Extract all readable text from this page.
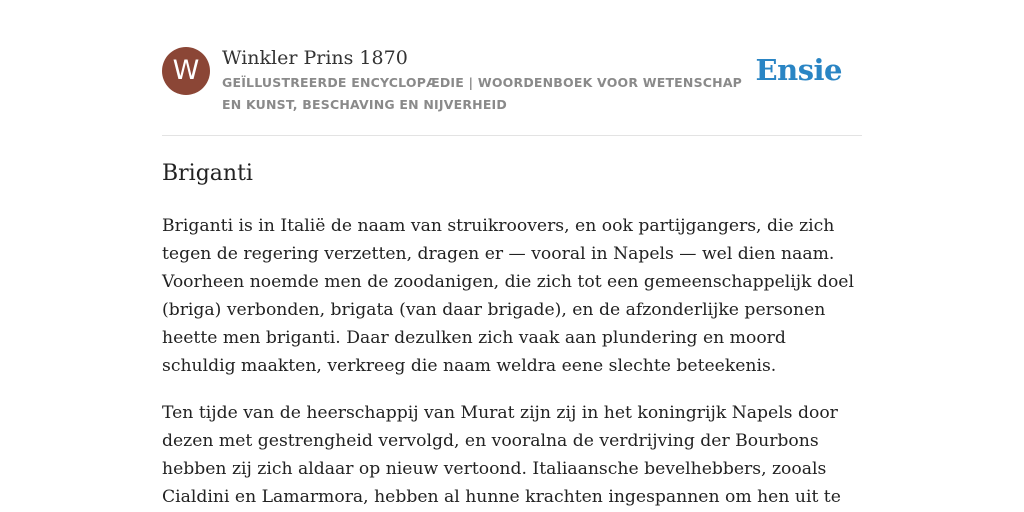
W	Winkler Prins 1870
GEÏLLUSTREERDE ENCYCLOPÆDIE | WOORDENBOEK VOOR WETENSCHAP EN KUNST, BESCHAVING EN NIJVERHEID
Ensie
Briganti

Briganti is in Italië de naam van struikroovers, en ook partijgangers, die zich tegen de regering verzetten, dragen er — vooral in Napels — wel dien naam. Voorheen noemde men de zoodanigen, die zich tot een gemeenschappelijk doel (briga) verbonden, brigata (van daar brigade), en de afzonderlijke personen heette men briganti. Daar dezulken zich vaak aan plundering en moord schuldig maakten, verkreeg die naam weldra eene slechte beteekenis.

Ten tijde van de heerschappij van Murat zijn zij in het koningrijk Napels door dezen met gestrengheid vervolgd, en vooralna de verdrijving der Bourbons hebben zij zich aldaar op nieuw vertoond. Italiaansche bevelhebbers, zooals Cialdini en Lamarmora, hebben al hunne krachten ingespannen om hen uit te
